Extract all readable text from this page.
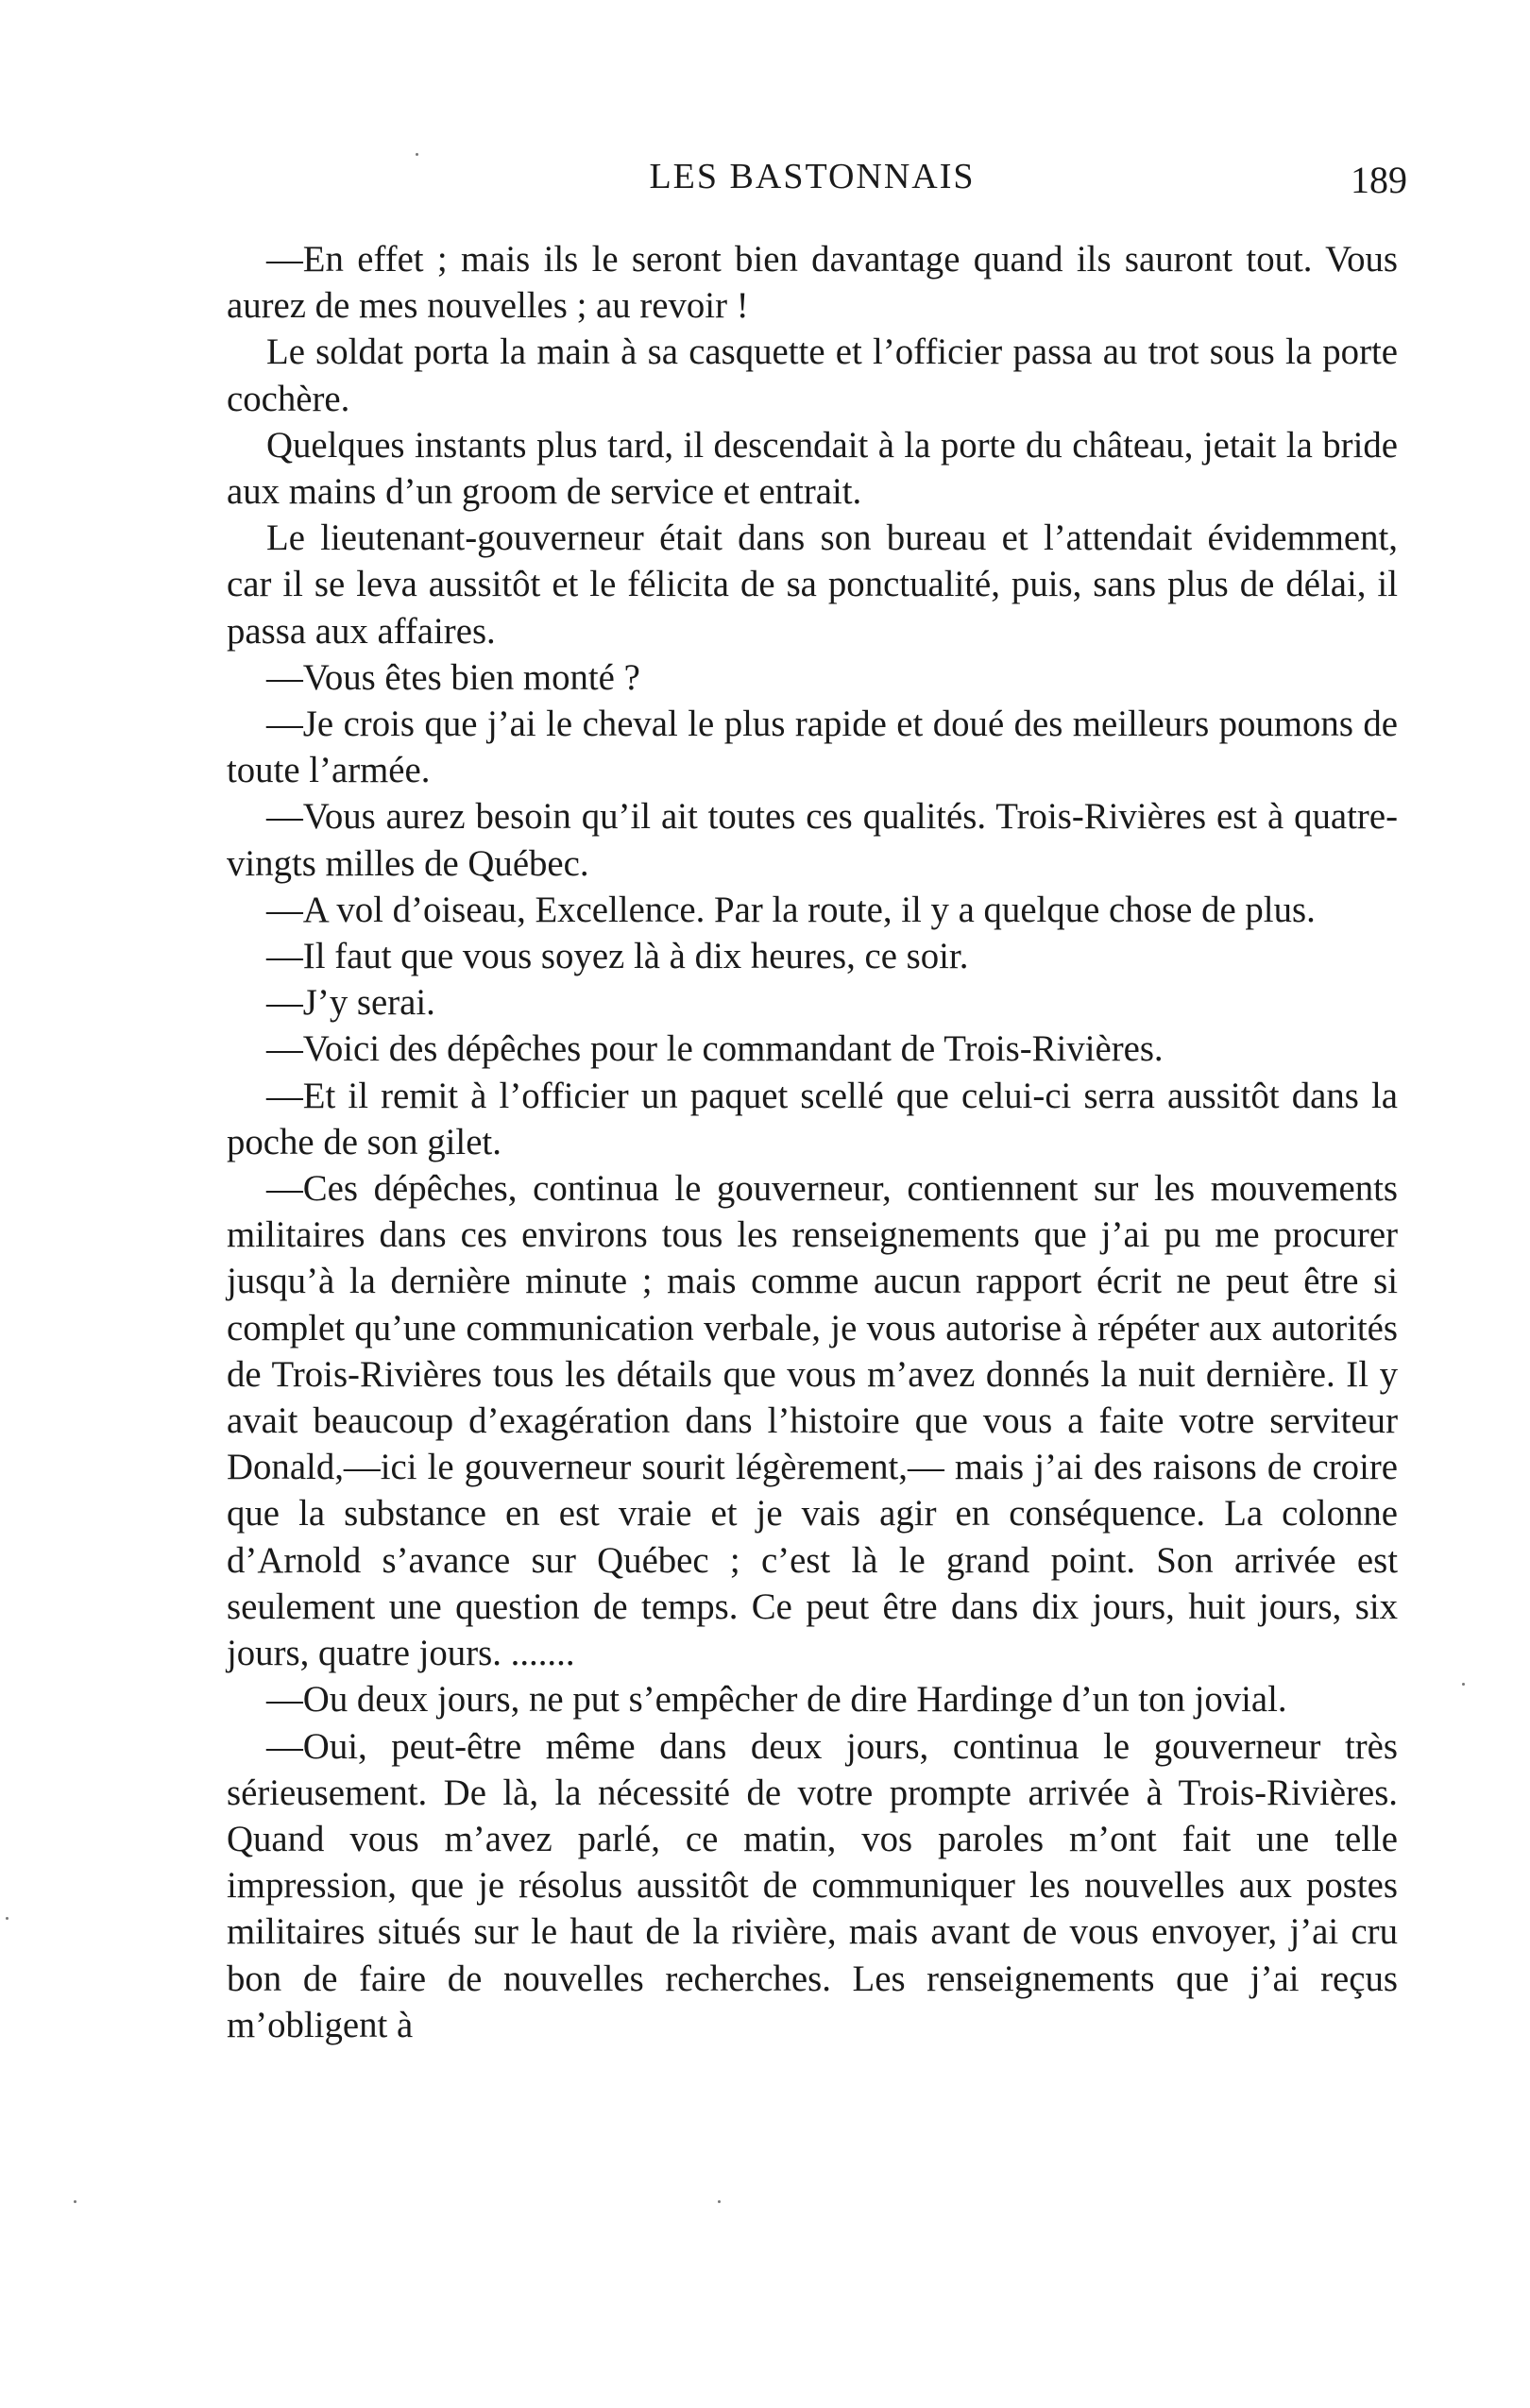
LES BASTONNAIS	189

—En effet ; mais ils le seront bien davantage quand ils sauront tout. Vous aurez de mes nouvelles ; au revoir !

Le soldat porta la main à sa casquette et l’officier passa au trot sous la porte cochère.

Quelques instants plus tard, il descendait à la porte du château, jetait la bride aux mains d’un groom de service et entrait.

Le lieutenant-gouverneur était dans son bureau et l’attendait évidemment, car il se leva aussitôt et le félicita de sa ponctualité, puis, sans plus de délai, il passa aux affaires.

—Vous êtes bien monté ?

—Je crois que j’ai le cheval le plus rapide et doué des meilleurs poumons de toute l’armée.

—Vous aurez besoin qu’il ait toutes ces qualités. Trois-Rivières est à quatre-vingts milles de Québec.

—A vol d’oiseau, Excellence. Par la route, il y a quelque chose de plus.

—Il faut que vous soyez là à dix heures, ce soir.

—J’y serai.

—Voici des dépêches pour le commandant de Trois-Rivières.

—Et il remit à l’officier un paquet scellé que celui-ci serra aussitôt dans la poche de son gilet.

—Ces dépêches, continua le gouverneur, contiennent sur les mouvements militaires dans ces environs tous les renseignements que j’ai pu me procurer jusqu’à la dernière minute ; mais comme aucun rapport écrit ne peut être si complet qu’une communication verbale, je vous autorise à répéter aux autorités de Trois-Rivières tous les détails que vous m’avez donnés la nuit dernière. Il y avait beaucoup d’exagération dans l’histoire que vous a faite votre serviteur Donald,—ici le gouverneur sourit légèrement,— mais j’ai des raisons de croire que la substance en est vraie et je vais agir en conséquence. La colonne d’Arnold s’avance sur Québec ; c’est là le grand point. Son arrivée est seulement une question de temps. Ce peut être dans dix jours, huit jours, six jours, quatre jours. .......

—Ou deux jours, ne put s’empêcher de dire Hardinge d’un ton jovial.

—Oui, peut-être même dans deux jours, continua le gouverneur très sérieusement. De là, la nécessité de votre prompte arrivée à Trois-Rivières. Quand vous m’avez parlé, ce matin, vos paroles m’ont fait une telle impression, que je résolus aussitôt de communiquer les nouvelles aux postes militaires situés sur le haut de la rivière, mais avant de vous envoyer, j’ai cru bon de faire de nouvelles recherches. Les renseignements que j’ai reçus m’obligent à
